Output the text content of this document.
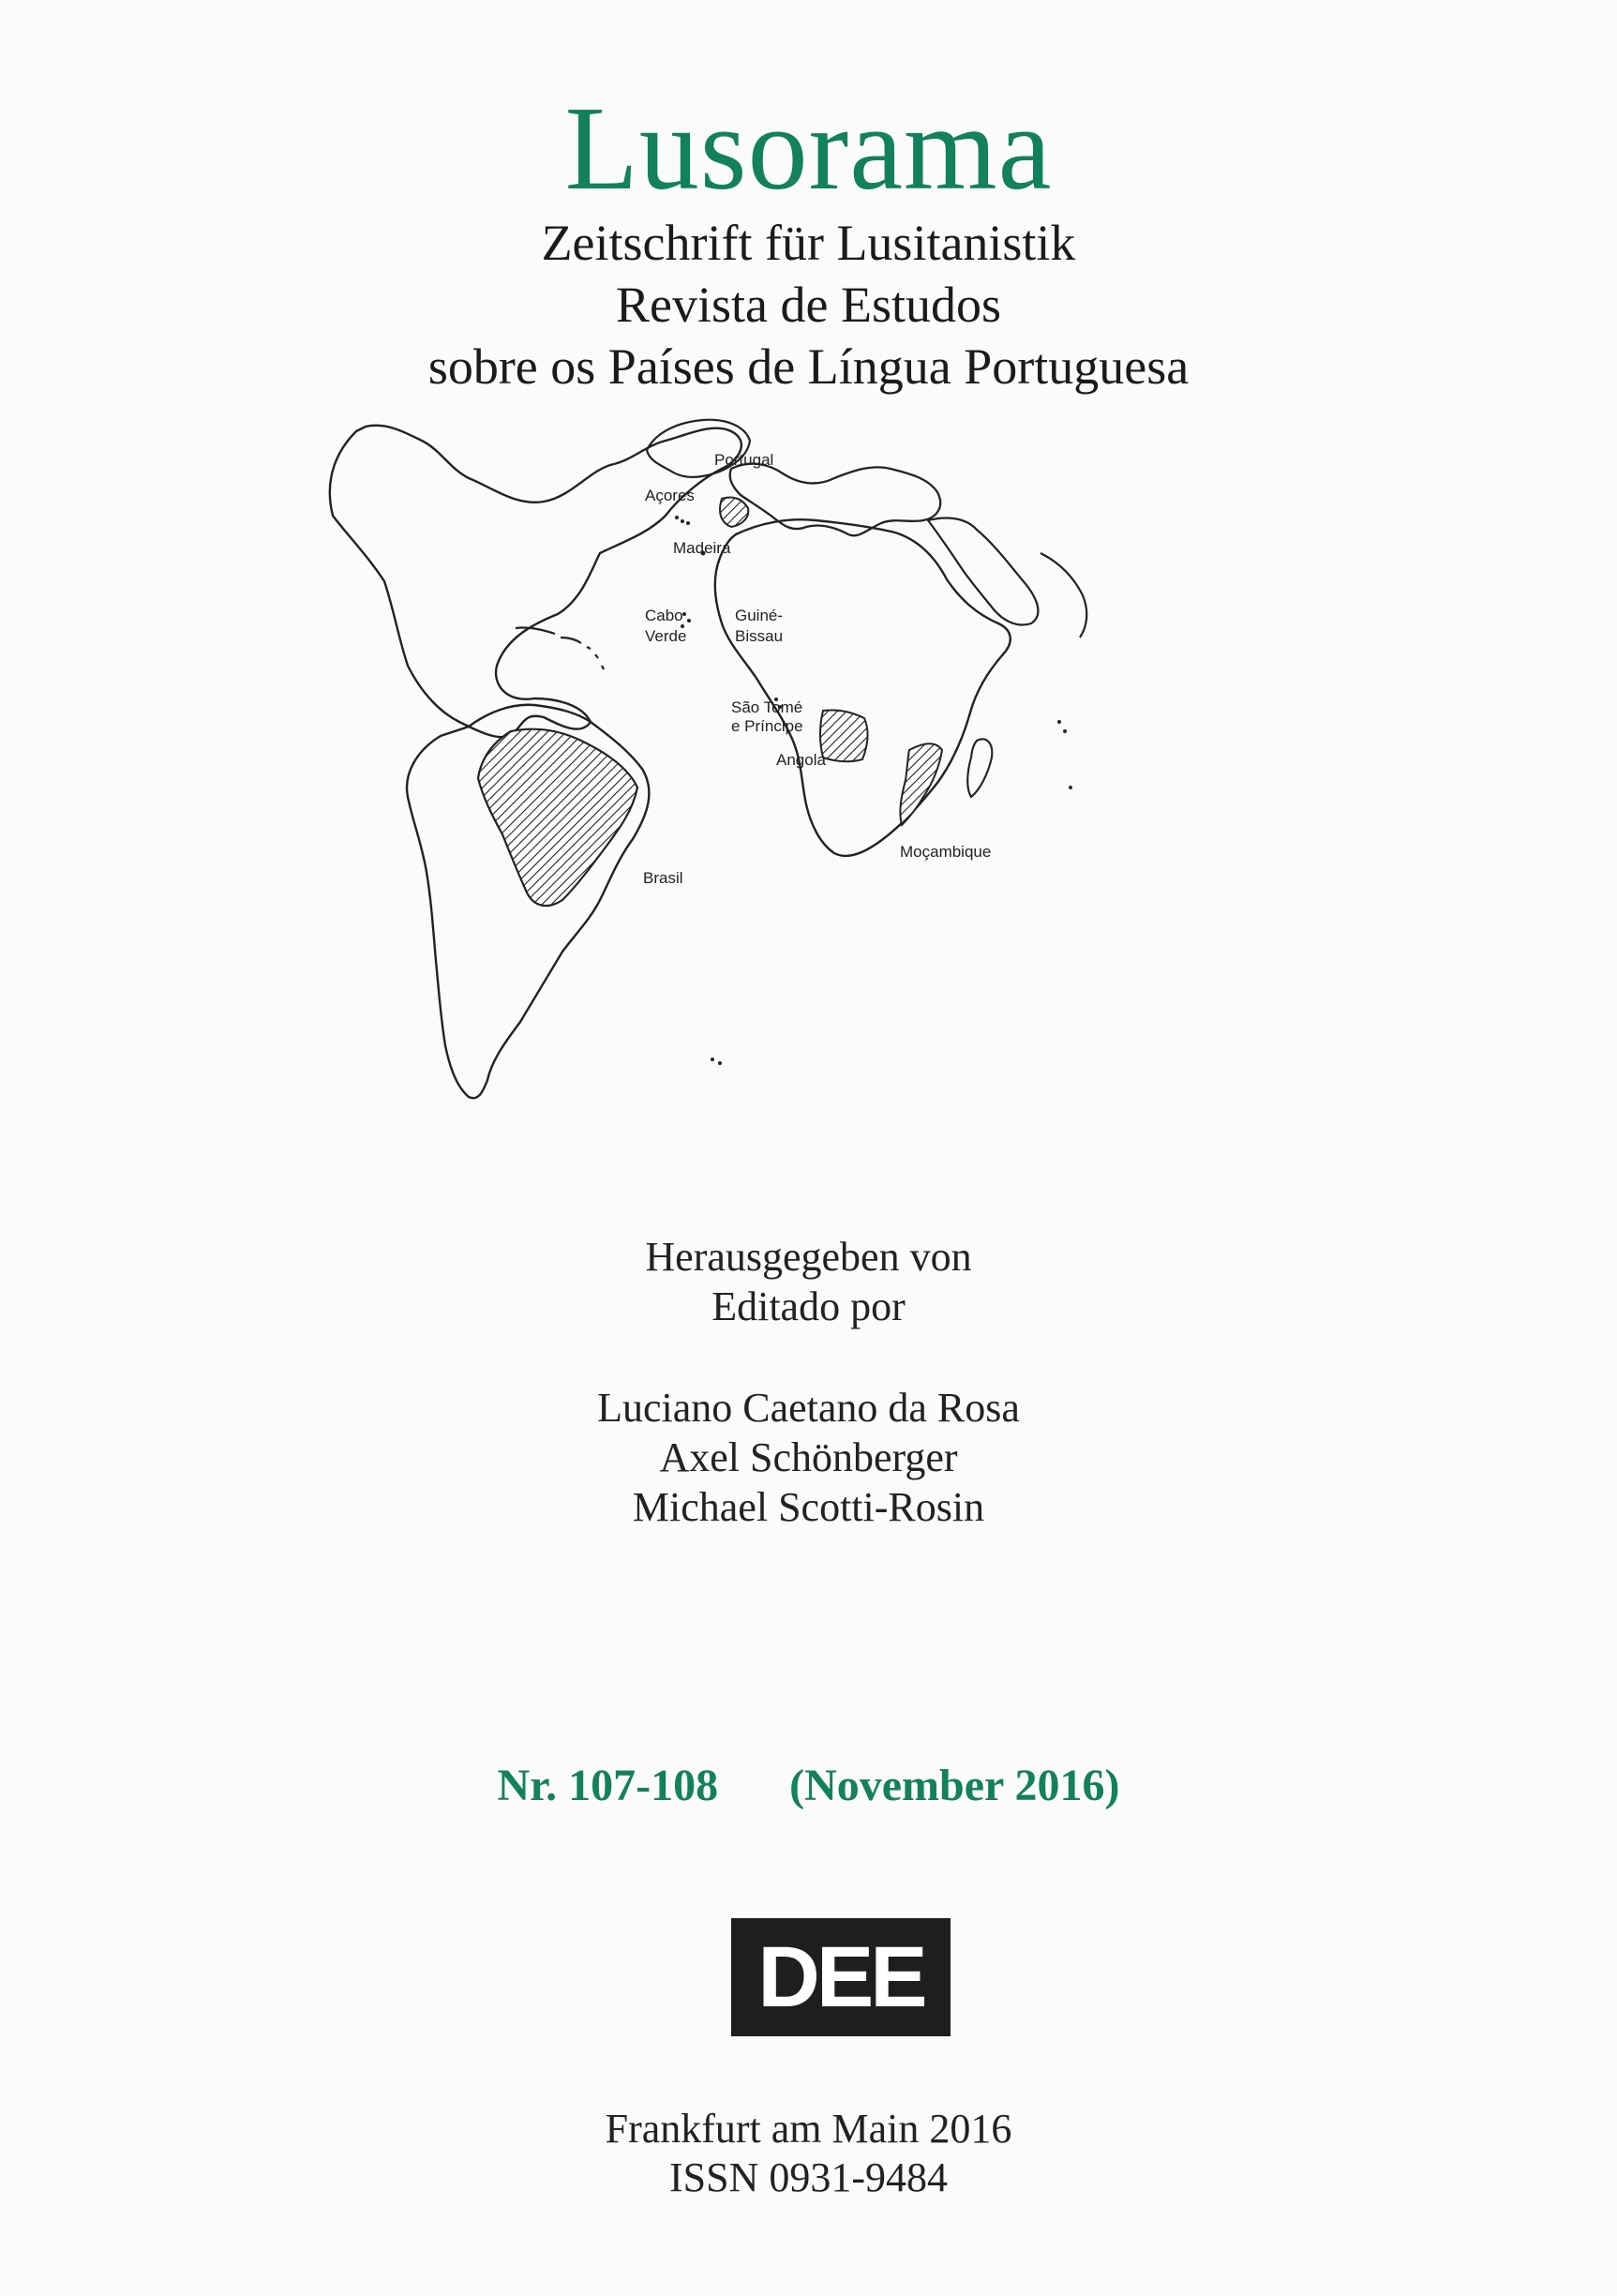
Lusorama
Zeitschrift für Lusitanistik
Revista de Estudos
sobre os Países de Língua Portuguesa
Portugal
Açores
Madeira
Cabo
Verde
Guiné-
Bissau
São Tomé
e Príncipe
Angola
Brasil
Moçambique
Herausgegeben von
Editado por
Luciano Caetano da Rosa
Axel Schönberger
Michael Scotti-Rosin
Nr. 107-108 (November 2016)
DEE
Frankfurt am Main 2016
ISSN 0931-9484
